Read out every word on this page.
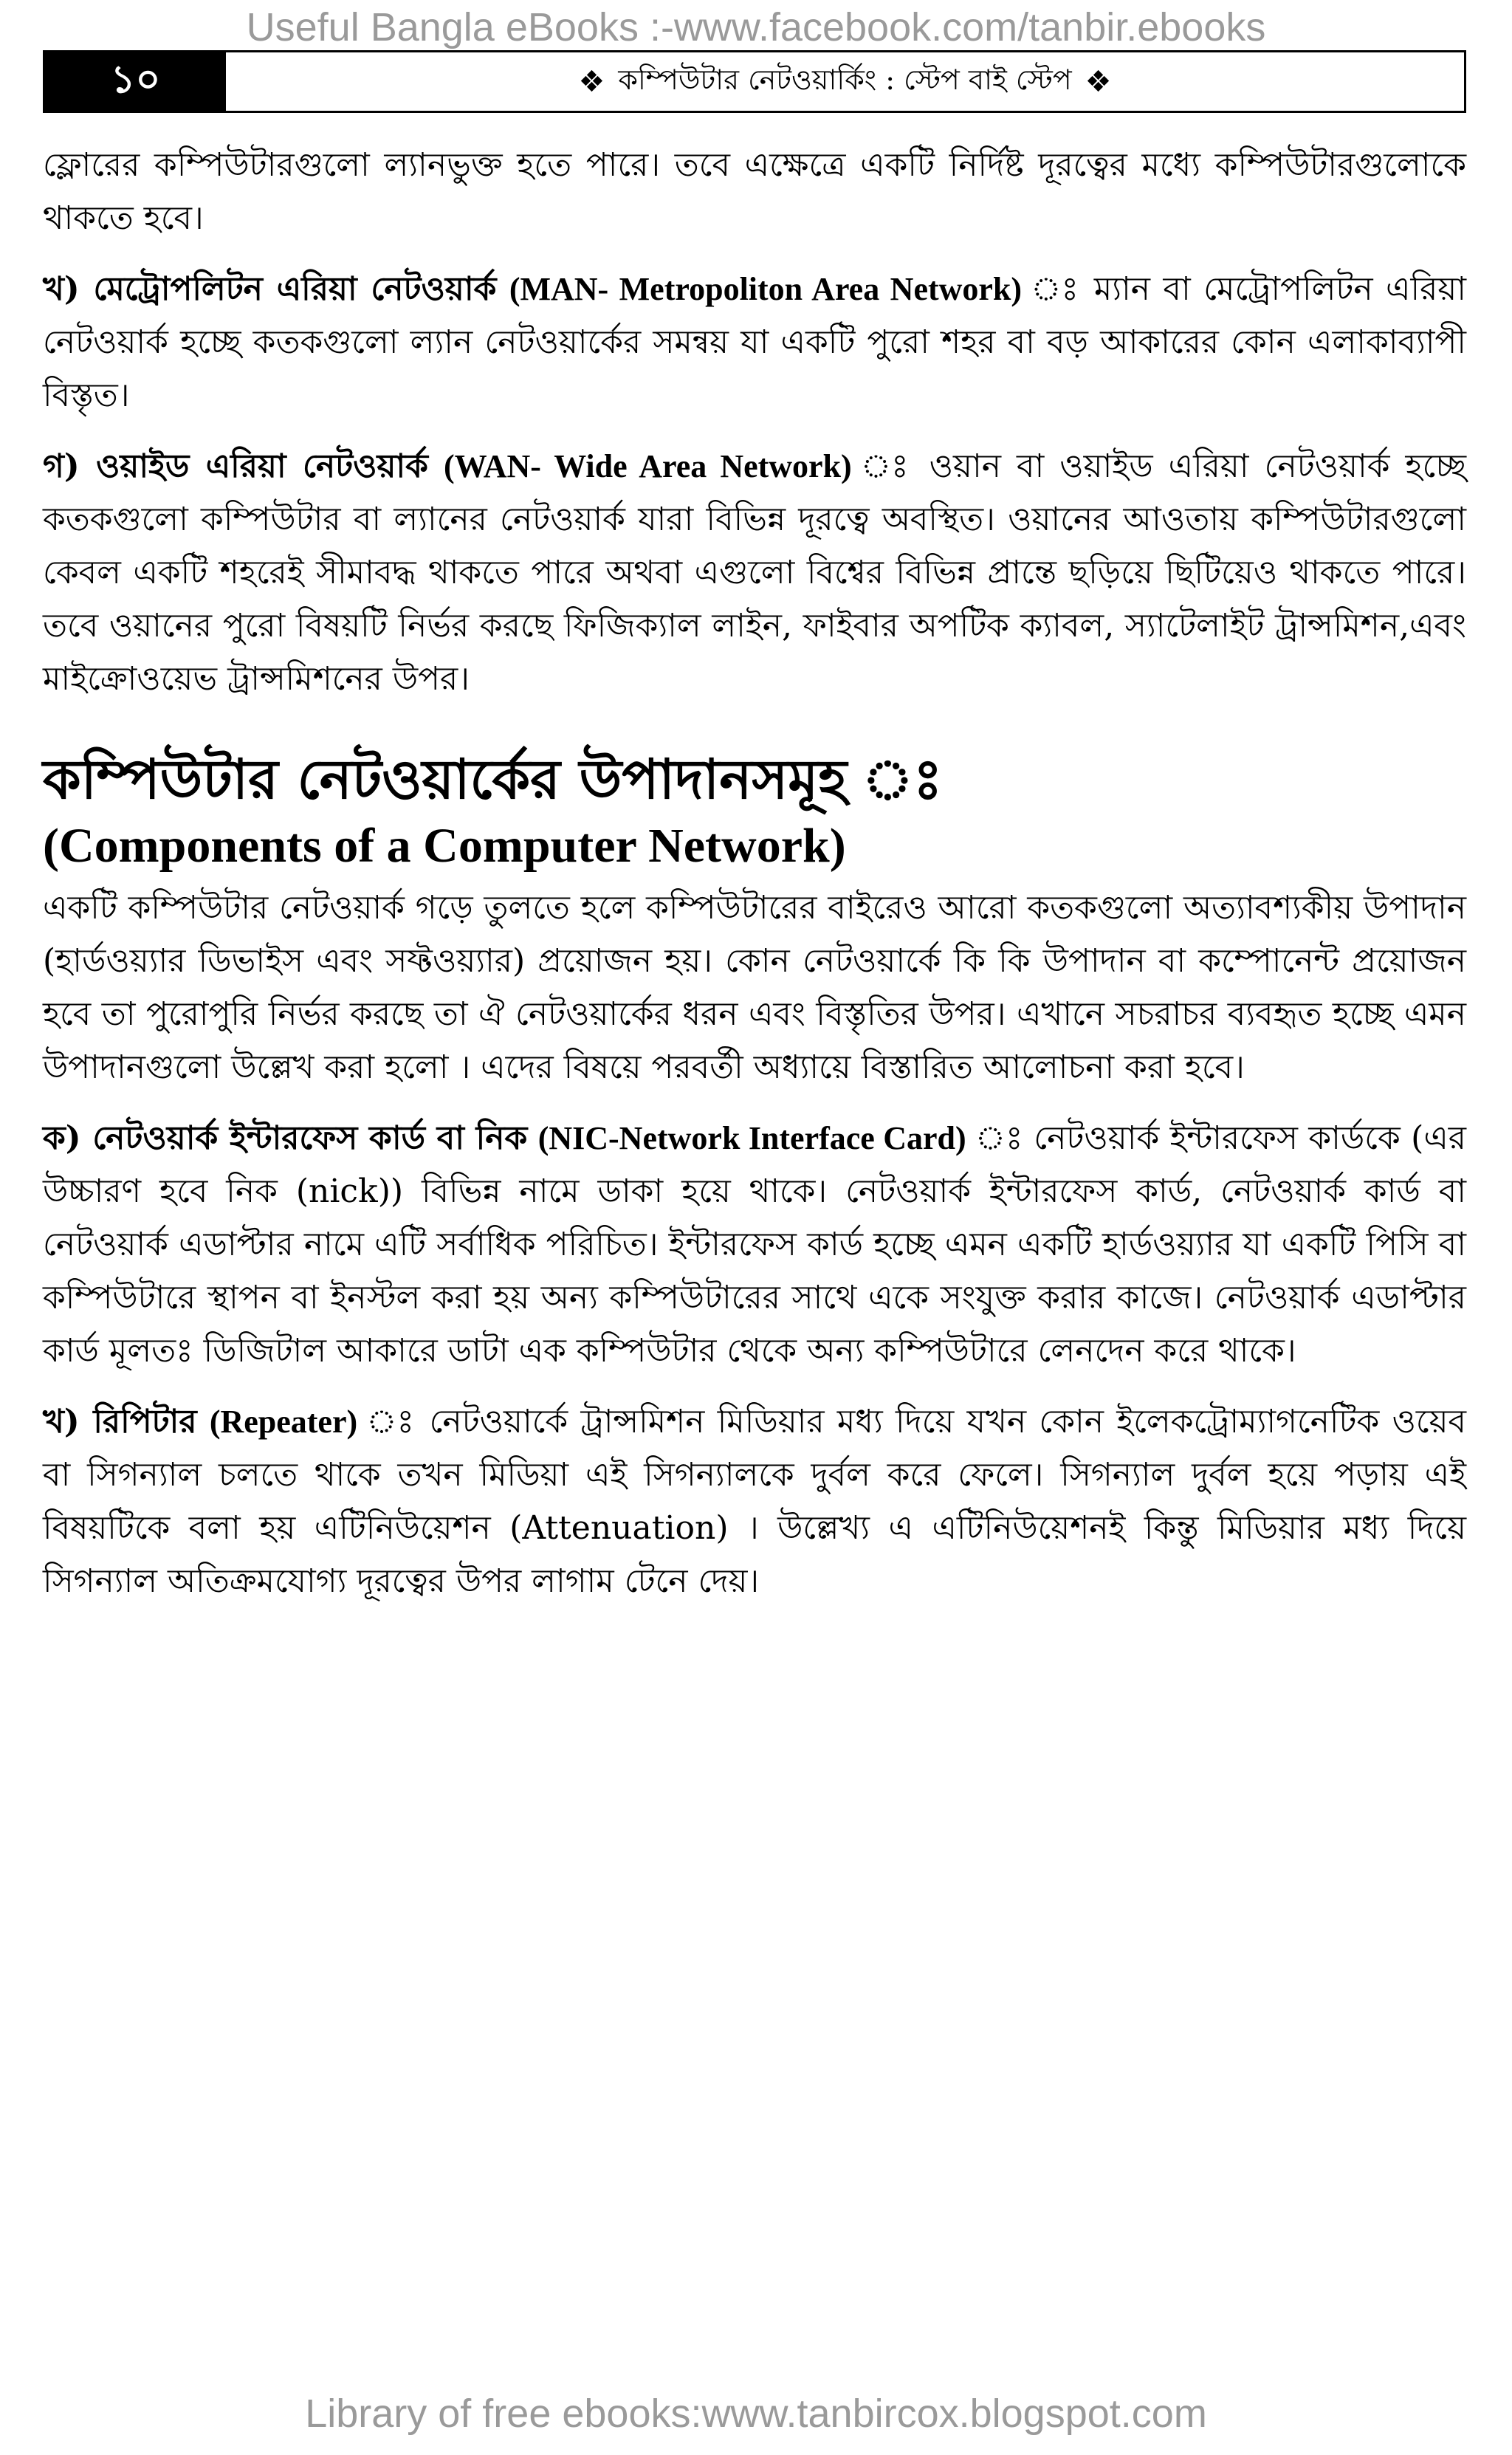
Useful Bangla eBooks :-www.facebook.com/tanbir.ebooks
১০	❖ কম্পিউটার নেটওয়ার্কিং : স্টেপ বাই স্টেপ ❖

ফ্লোরের কম্পিউটারগুলো ল্যানভুক্ত হতে পারে। তবে এক্ষেত্রে একটি নির্দিষ্ট দূরত্বের মধ্যে কম্পিউটারগুলোকে থাকতে হবে।

খ) মেট্রোপলিটন এরিয়া নেটওয়ার্ক (MAN- Metropoliton Area Network) ঃ ম্যান বা মেট্রোপলিটন এরিয়া নেটওয়ার্ক হচ্ছে কতকগুলো ল্যান নেটওয়ার্কের সমন্বয় যা একটি পুরো শহর বা বড় আকারের কোন এলাকাব্যাপী বিস্তৃত।

গ) ওয়াইড এরিয়া নেটওয়ার্ক (WAN- Wide Area Network) ঃ ওয়ান বা ওয়াইড এরিয়া নেটওয়ার্ক হচ্ছে কতকগুলো কম্পিউটার বা ল্যানের নেটওয়ার্ক যারা বিভিন্ন দূরত্বে অবস্থিত। ওয়ানের আওতায় কম্পিউটারগুলো কেবল একটি শহরেই সীমাবদ্ধ থাকতে পারে অথবা এগুলো বিশ্বের বিভিন্ন প্রান্তে ছড়িয়ে ছিটিয়েও থাকতে পারে। তবে ওয়ানের পুরো বিষয়টি নির্ভর করছে ফিজিক্যাল লাইন, ফাইবার অপটিক ক্যাবল, স্যাটেলাইট ট্রান্সমিশন,এবং মাইক্রোওয়েভ ট্রান্সমিশনের উপর।

কম্পিউটার নেটওয়ার্কের উপাদানসমূহ ঃ
(Components of a Computer Network)

একটি কম্পিউটার নেটওয়ার্ক গড়ে তুলতে হলে কম্পিউটারের বাইরেও আরো কতকগুলো অত্যাবশ্যকীয় উপাদান (হার্ডওয়্যার ডিভাইস এবং সফ্টওয়্যার) প্রয়োজন হয়। কোন নেটওয়ার্কে কি কি উপাদান বা কম্পোনেন্ট প্রয়োজন হবে তা পুরোপুরি নির্ভর করছে তা ঐ নেটওয়ার্কের ধরন এবং বিস্তৃতির উপর। এখানে সচরাচর ব্যবহৃত হচ্ছে এমন উপাদানগুলো উল্লেখ করা হলো । এদের বিষয়ে পরবর্তী অধ্যায়ে বিস্তারিত আলোচনা করা হবে।

ক) নেটওয়ার্ক ইন্টারফেস কার্ড বা নিক (NIC-Network Interface Card) ঃ নেটওয়ার্ক ইন্টারফেস কার্ডকে (এর উচ্চারণ হবে নিক (nick)) বিভিন্ন নামে ডাকা হয়ে থাকে। নেটওয়ার্ক ইন্টারফেস কার্ড, নেটওয়ার্ক কার্ড বা নেটওয়ার্ক এডাপ্টার নামে এটি সর্বাধিক পরিচিত। ইন্টারফেস কার্ড হচ্ছে এমন একটি হার্ডওয়্যার যা একটি পিসি বা কম্পিউটারে স্থাপন বা ইনস্টল করা হয় অন্য কম্পিউটারের সাথে একে সংযুক্ত করার কাজে। নেটওয়ার্ক এডাপ্টার কার্ড মূলতঃ ডিজিটাল আকারে ডাটা এক কম্পিউটার থেকে অন্য কম্পিউটারে লেনদেন করে থাকে।

খ) রিপিটার (Repeater) ঃ নেটওয়ার্কে ট্রান্সমিশন মিডিয়ার মধ্য দিয়ে যখন কোন ইলেকট্রোম্যাগনেটিক ওয়েব বা সিগন্যাল চলতে থাকে তখন মিডিয়া এই সিগন্যালকে দুর্বল করে ফেলে। সিগন্যাল দুর্বল হয়ে পড়ায় এই বিষয়টিকে বলা হয় এটিনিউয়েশন (Attenuation) । উল্লেখ্য এ এটিনিউয়েশনই কিন্তু মিডিয়ার মধ্য দিয়ে সিগন্যাল অতিক্রমযোগ্য দূরত্বের উপর লাগাম টেনে দেয়।

Library of free ebooks:www.tanbircox.blogspot.com
